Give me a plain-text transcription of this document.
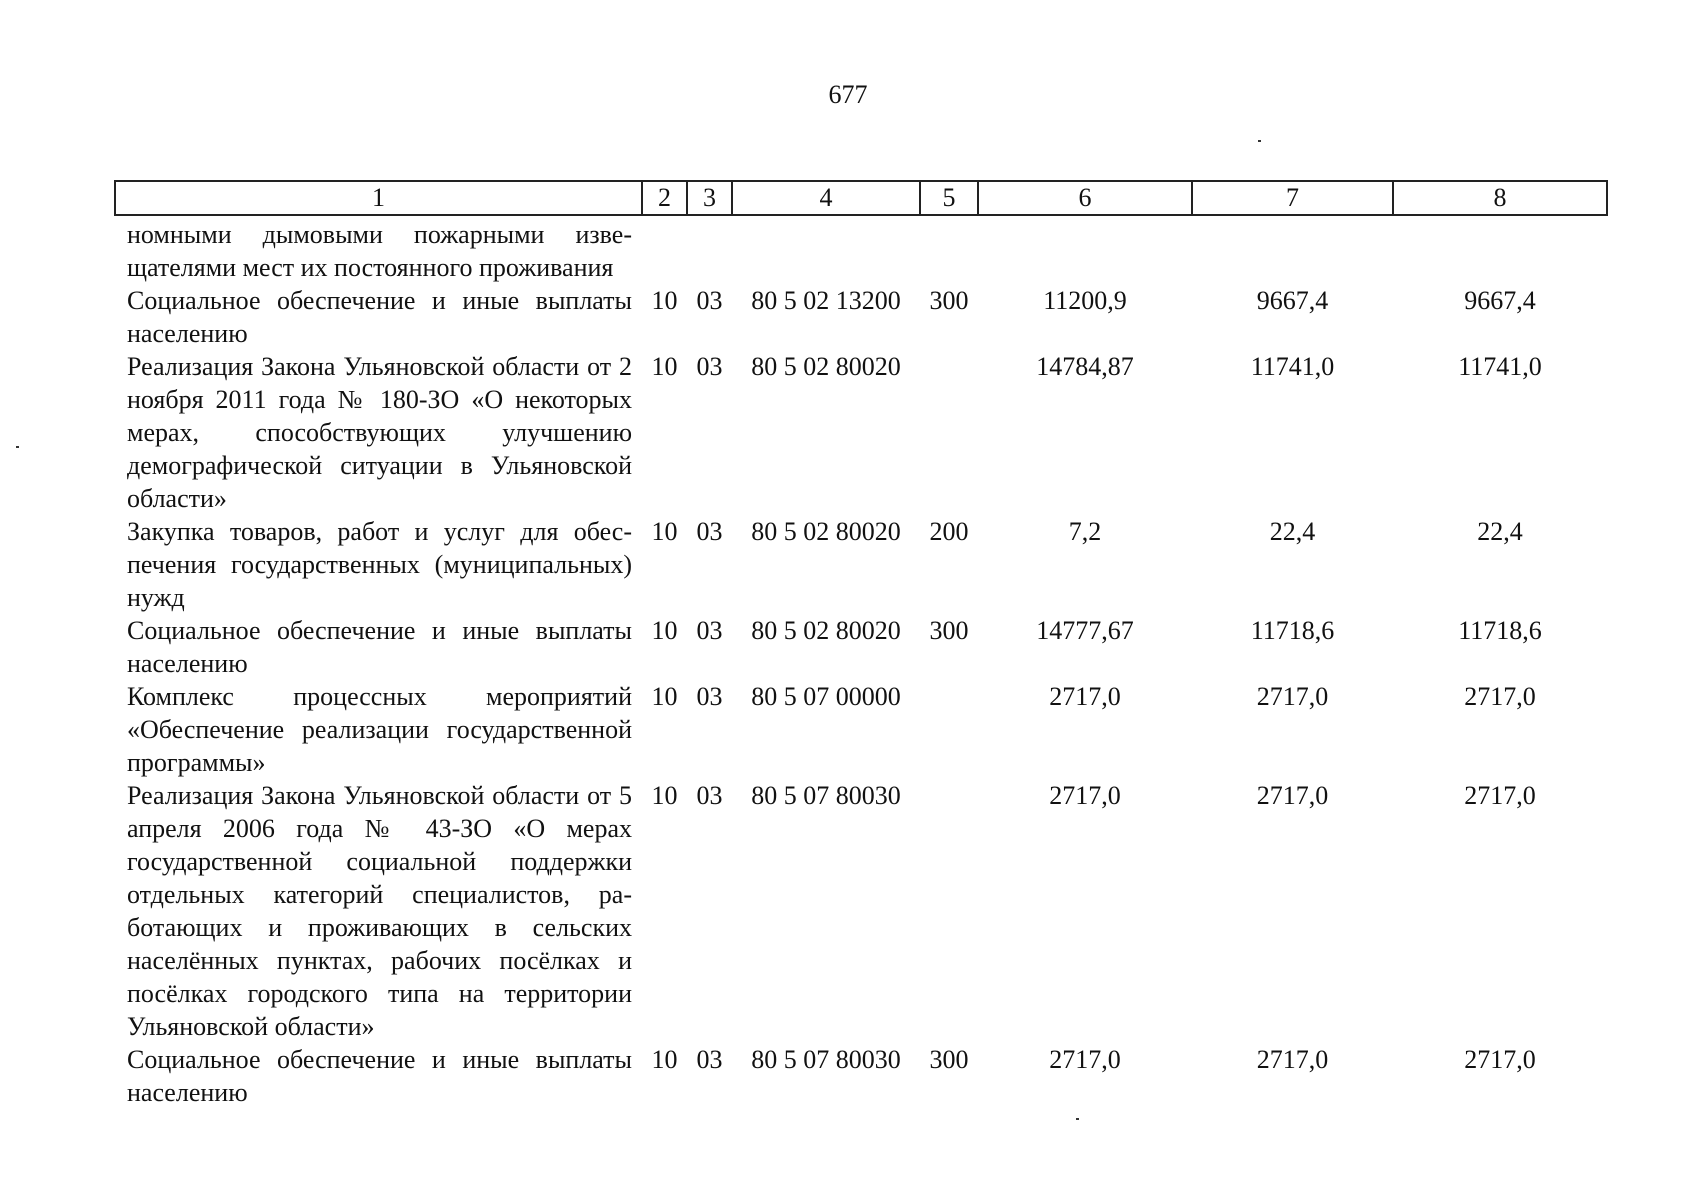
677
1	2	3	4	5	6	7	8
номными дымовыми пожарными извещателями мест их постоянного проживания							
Социальное обеспечение и иные выплаты населению	10	03	80 5 02 13200	300	11200,9	9667,4	9667,4
Реализация Закона Ульяновской области от 2 ноября 2011 года № 180-ЗО «О некоторых мерах, способствующих улучшению демографической ситуации в Ульяновской области»	10	03	80 5 02 80020		14784,87	11741,0	11741,0
Закупка товаров, работ и услуг для обеспечения государственных (муниципальных) нужд	10	03	80 5 02 80020	200	7,2	22,4	22,4
Социальное обеспечение и иные выплаты населению	10	03	80 5 02 80020	300	14777,67	11718,6	11718,6
Комплекс процессных мероприятий «Обеспечение реализации государственной программы»	10	03	80 5 07 00000		2717,0	2717,0	2717,0
Реализация Закона Ульяновской области от 5 апреля 2006 года № 43-ЗО «О мерах государственной социальной поддержки отдельных категорий специалистов, работающих и проживающих в сельских населённых пунктах, рабочих посёлках и посёлках городского типа на территории Ульяновской области»	10	03	80 5 07 80030		2717,0	2717,0	2717,0
Социальное обеспечение и иные выплаты населению	10	03	80 5 07 80030	300	2717,0	2717,0	2717,0
